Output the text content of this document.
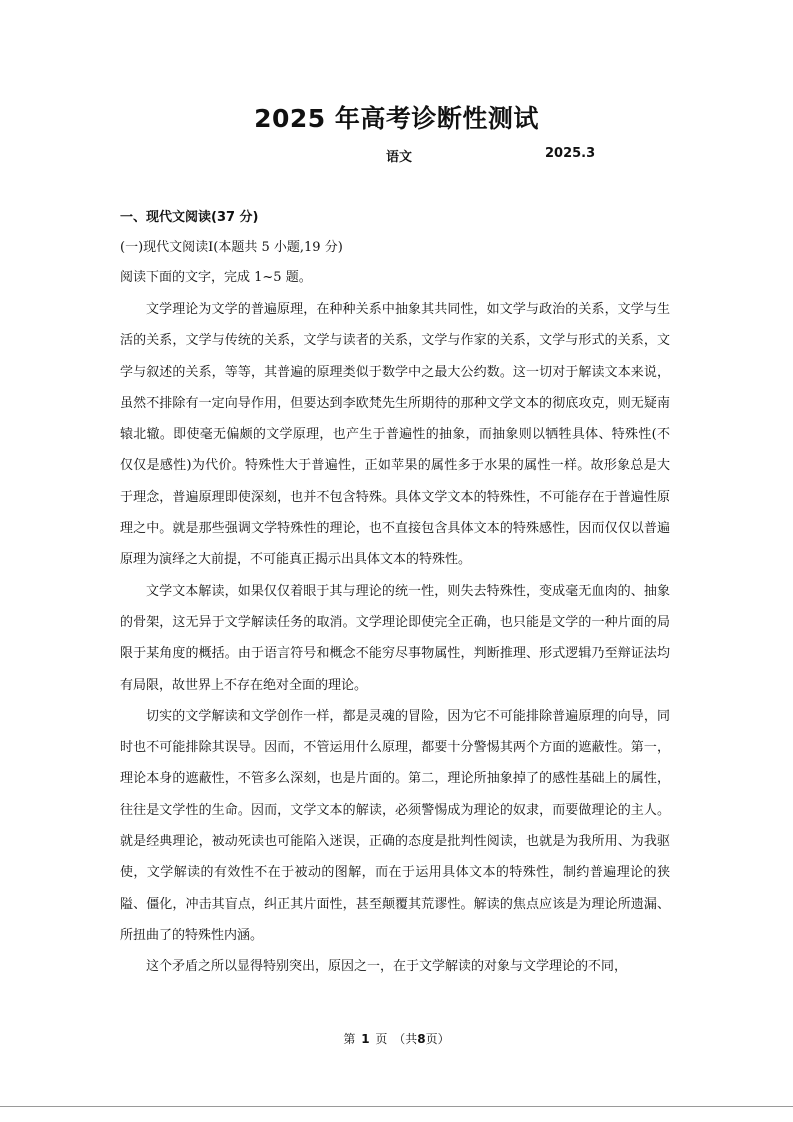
2025 年高考诊断性测试
语文	2025.3
一、现代文阅读(37 分)
(一)现代文阅读Ⅰ(本题共 5 小题,19 分)
阅读下面的文字，完成 1~5 题。

文学理论为文学的普遍原理，在种种关系中抽象其共同性，如文学与政治的关系，文学与生活的关系，文学与传统的关系，文学与读者的关系，文学与作家的关系，文学与形式的关系，文学与叙述的关系，等等，其普遍的原理类似于数学中之最大公约数。这一切对于解读文本来说，虽然不排除有一定向导作用，但要达到李欧梵先生所期待的那种文学文本的彻底攻克，则无疑南辕北辙。即使毫无偏颇的文学原理，也产生于普遍性的抽象，而抽象则以牺牲具体、特殊性(不仅仅是感性)为代价。特殊性大于普遍性，正如苹果的属性多于水果的属性一样。故形象总是大于理念，普遍原理即使深刻，也并不包含特殊。具体文学文本的特殊性，不可能存在于普遍性原理之中。就是那些强调文学特殊性的理论，也不直接包含具体文本的特殊感性，因而仅仅以普遍原理为演绎之大前提，不可能真正揭示出具体文本的特殊性。

文学文本解读，如果仅仅着眼于其与理论的统一性，则失去特殊性，变成毫无血肉的、抽象的骨架，这无异于文学解读任务的取消。文学理论即使完全正确，也只能是文学的一种片面的局限于某角度的概括。由于语言符号和概念不能穷尽事物属性，判断推理、形式逻辑乃至辩证法均有局限，故世界上不存在绝对全面的理论。

切实的文学解读和文学创作一样，都是灵魂的冒险，因为它不可能排除普遍原理的向导，同时也不可能排除其误导。因而，不管运用什么原理，都要十分警惕其两个方面的遮蔽性。第一，理论本身的遮蔽性，不管多么深刻，也是片面的。第二，理论所抽象掉了的感性基础上的属性，往往是文学性的生命。因而，文学文本的解读，必须警惕成为理论的奴隶，而要做理论的主人。就是经典理论，被动死读也可能陷入迷误，正确的态度是批判性阅读，也就是为我所用、为我驱使，文学解读的有效性不在于被动的图解，而在于运用具体文本的特殊性，制约普遍理论的狭隘、僵化，冲击其盲点，纠正其片面性，甚至颠覆其荒谬性。解读的焦点应该是为理论所遗漏、所扭曲了的特殊性内涵。

这个矛盾之所以显得特别突出，原因之一，在于文学解读的对象与文学理论的不同，

第 1 页 （共8页）
